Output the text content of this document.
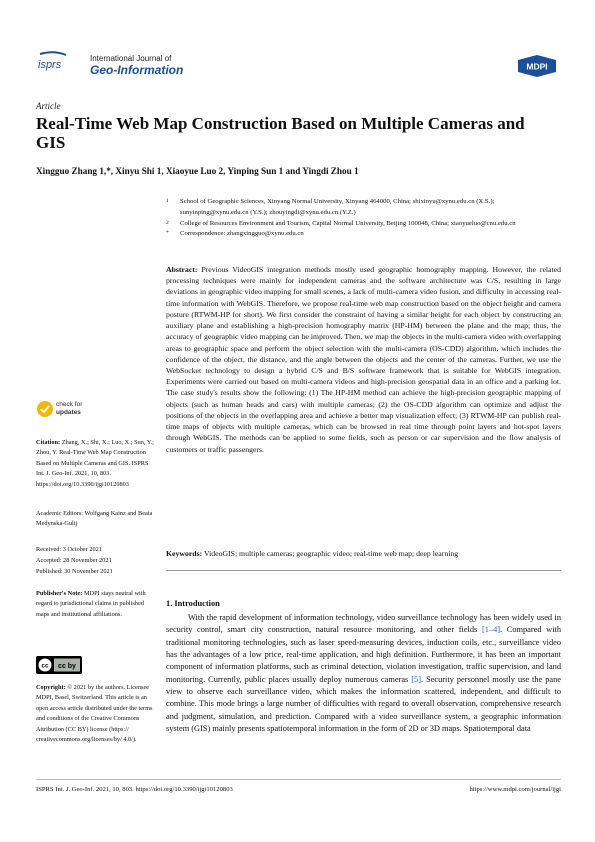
isprs
International Journal of
Geo-Information	MDPI
Article
Real-Time Web Map Construction Based on Multiple Cameras and GIS
Xingguo Zhang 1,*, Xinyu Shi 1, Xiaoyue Luo 2, Yinping Sun 1 and Yingdi Zhou 1
1 School of Geographic Sciences, Xinyang Normal University, Xinyang 464000, China; shixinyu@xynu.edu.cn (X.S.); sunyinping@xynu.edu.cn (Y.S.); zhouyingdi@xynu.edu.cn (Y.Z.)
2 College of Resources Environment and Tourism, Capital Normal University, Beijing 100048, China; xiaoyueluo@cnu.edu.cn
* Correspondence: zhangxingguo@xynu.edu.cn
Abstract: Previous VideoGIS integration methods mostly used geographic homography mapping. However, the related processing techniques were mainly for independent cameras and the software architecture was C/S, resulting in large deviations in geographic video mapping for small scenes, a lack of multi-camera video fusion, and difficulty in accessing real-time information with WebGIS. Therefore, we propose real-time web map construction based on the object height and camera posture (RTWM-HP for short). We first consider the constraint of having a similar height for each object by constructing an auxiliary plane and establishing a high-precision homography matrix (HP-HM) between the plane and the map; thus, the accuracy of geographic video mapping can be improved. Then, we map the objects in the multi-camera video with overlapping areas to geographic space and perform the object selection with the multi-camera (OS-CDD) algorithm, which includes the confidence of the object, the distance, and the angle between the objects and the center of the cameras. Further, we use the WebSocket technology to design a hybrid C/S and B/S software framework that is suitable for WebGIS integration. Experiments were carried out based on multi-camera videos and high-precision geospatial data in an office and a parking lot. The case study's results show the following: (1) The HP-HM method can achieve the high-precision geographic mapping of objects (such as human heads and cars) with multiple cameras; (2) the OS-CDD algorithm can optimize and adjust the positions of the objects in the overlapping area and achieve a better map visualization effect; (3) RTWM-HP can publish real-time maps of objects with multiple cameras, which can be browsed in real time through point layers and hot-spot layers through WebGIS. The methods can be applied to some fields, such as person or car supervision and the flow analysis of customers or traffic passengers.
Keywords: VideoGIS; multiple cameras; geographic video; real-time web map; deep learning
1. Introduction
With the rapid development of information technology, video surveillance technology has been widely used in security control, smart city construction, natural resource monitoring, and other fields [1–4]. Compared with traditional monitoring technologies, such as laser speed-measuring devices, induction coils, etc., surveillance video has the advantages of a low price, real-time application, and high definition. Furthermore, it has been an important component of information platforms, such as criminal detection, violation investigation, traffic supervision, and land monitoring. Currently, public places usually deploy numerous cameras [5]. Security personnel mostly use the pane view to observe each surveillance video, which makes the information scattered, independent, and difficult to combine. This mode brings a large number of difficulties with regard to overall observation, comprehensive research and judgment, simulation, and prediction. Compared with a video surveillance system, a geographic information system (GIS) mainly presents spatiotemporal information in the form of 2D or 3D maps. Spatiotemporal data
check for
updates
Citation: Zhang, X.; Shi, X.; Luo, X.; Sun, Y.; Zhou, Y. Real-Time Web Map Construction Based on Multiple Cameras and GIS. ISPRS Int. J. Geo-Inf. 2021, 10, 803. https://doi.org/10.3390/ijgi10120803
Academic Editors: Wolfgang Kainz and Beata Medynska-Gulij
Received: 3 October 2021
Accepted: 28 November 2021
Published: 30 November 2021
Publisher's Note: MDPI stays neutral with regard to jurisdictional claims in published maps and institutional affiliations.
cc cc by
Copyright: © 2021 by the authors. Licensee MDPI, Basel, Switzerland. This article is an open access article distributed under the terms and conditions of the Creative Commons Attribution (CC BY) license (https:// creativecommons.org/licenses/by/ 4.0/).
ISPRS Int. J. Geo-Inf. 2021, 10, 803. https://doi.org/10.3390/ijgi10120803	https://www.mdpi.com/journal/ijgi
